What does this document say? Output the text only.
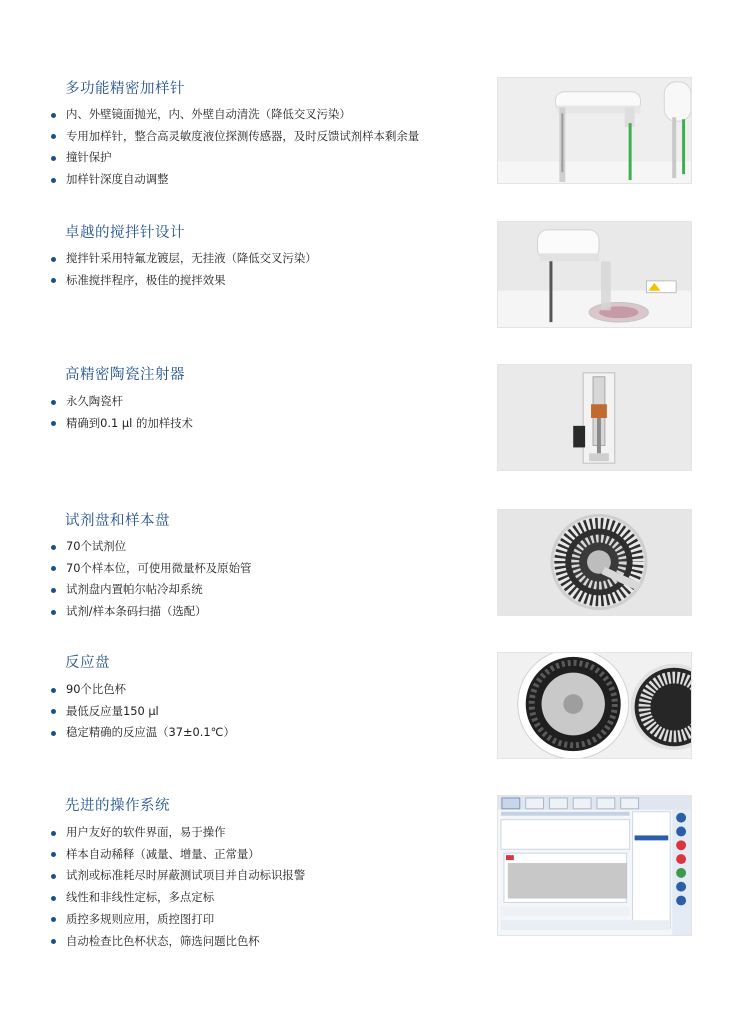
多功能精密加样针
内、外壁镜面抛光，内、外壁自动清洗（降低交叉污染）
专用加样针，整合高灵敏度液位探测传感器，及时反馈试剂样本剩余量
撞针保护
加样针深度自动调整
卓越的搅拌针设计
搅拌针采用特氟龙镀层，无挂液（降低交叉污染）
标准搅拌程序，极佳的搅拌效果
高精密陶瓷注射器
永久陶瓷杆
精确到0.1 μl 的加样技术
试剂盘和样本盘
70个试剂位
70个样本位，可使用微量杯及原始管
试剂盘内置帕尔帖冷却系统
试剂/样本条码扫描（选配）
反应盘
90个比色杯
最低反应量150 μl
稳定精确的反应温（37±0.1℃）
先进的操作系统
用户友好的软件界面，易于操作
样本自动稀释（减量、增量、正常量）
试剂或标准耗尽时屏蔽测试项目并自动标识报警
线性和非线性定标，多点定标
质控多规则应用，质控图打印
自动检查比色杯状态，筛选问题比色杯
